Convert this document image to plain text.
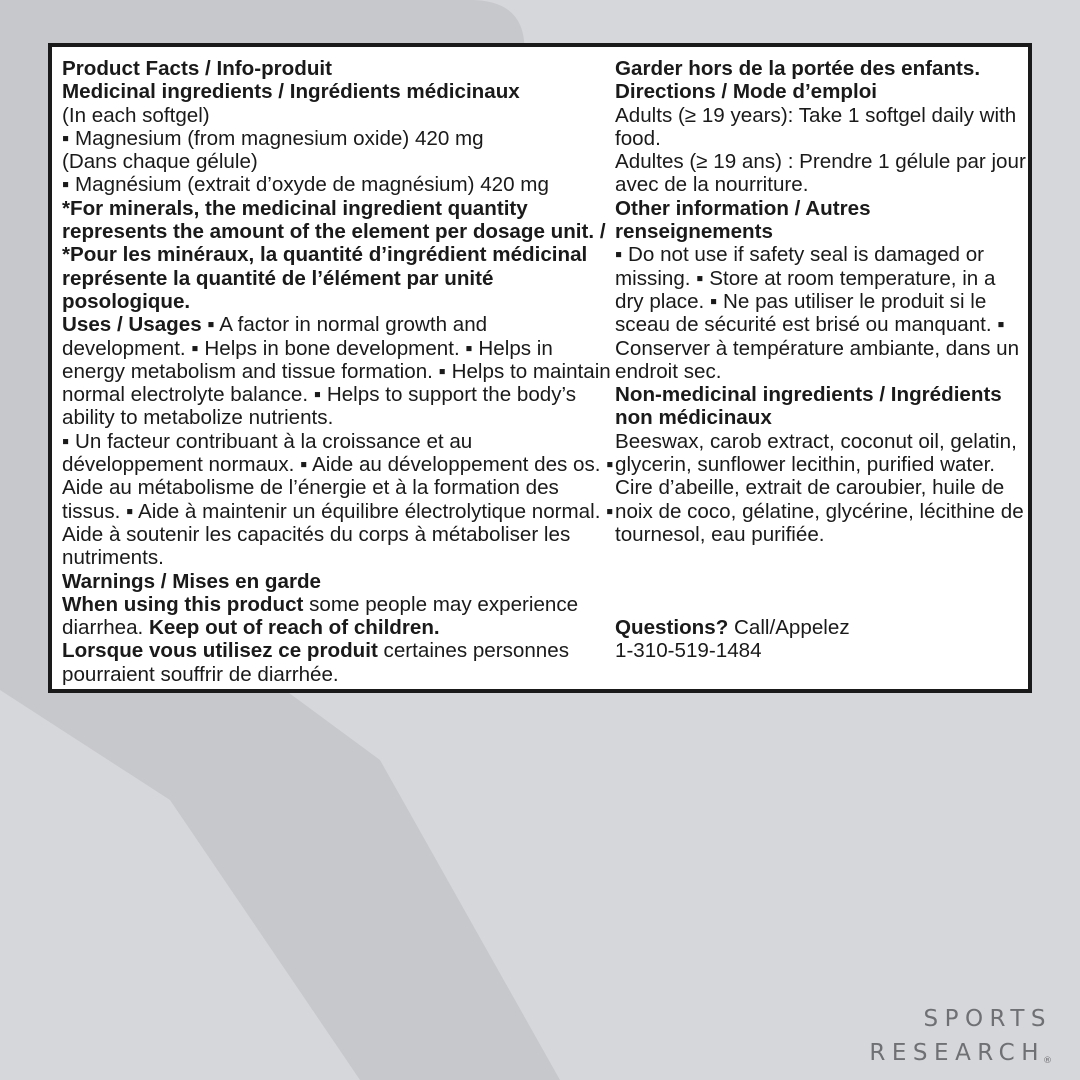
Product Facts / Info-produit

Medicinal ingredients / Ingrédients médicinaux

(In each softgel)

▪ Magnesium (from magnesium oxide) 420 mg

(Dans chaque gélule)

▪ Magnésium (extrait d’oxyde de magnésium) 420 mg

*For minerals, the medicinal ingredient quantity represents the amount of the element per dosage unit. / *Pour les minéraux, la quantité d’ingrédient médicinal représente la quantité de l’élément par unité posologique.

Uses / Usages ▪ A factor in normal growth and development. ▪ Helps in bone development. ▪ Helps in energy metabolism and tissue formation. ▪ Helps to maintain normal electrolyte balance. ▪ Helps to support the body’s ability to metabolize nutrients.

▪ Un facteur contribuant à la croissance et au développement normaux. ▪ Aide au développement des os. ▪ Aide au métabolisme de l’énergie et à la formation des tissus. ▪ Aide à maintenir un équilibre électrolytique normal. ▪ Aide à soutenir les capacités du corps à métaboliser les nutriments.

Warnings / Mises en garde

When using this product some people may experience diarrhea. Keep out of reach of children.

Lorsque vous utilisez ce produit certaines personnes pourraient souffrir de diarrhée.

Garder hors de la portée des enfants.

Directions / Mode d’emploi

Adults (≥ 19 years): Take 1 softgel daily with food.

Adultes (≥ 19 ans) : Prendre 1 gélule par jour avec de la nourriture.

Other information / Autres renseignements

▪ Do not use if safety seal is damaged or missing. ▪ Store at room temperature, in a dry place. ▪ Ne pas utiliser le produit si le sceau de sécurité est brisé ou manquant. ▪ Conserver à température ambiante, dans un endroit sec.

Non-medicinal ingredients / Ingrédients non médicinaux

Beeswax, carob extract, coconut oil, gelatin, glycerin, sunflower lecithin, purified water. Cire d’abeille, extrait de caroubier, huile de noix de coco, gélatine, glycérine, lécithine de tournesol, eau purifiée.

Questions? Call/Appelez

1-310-519-1484

SPORTS
RESEARCH
®
